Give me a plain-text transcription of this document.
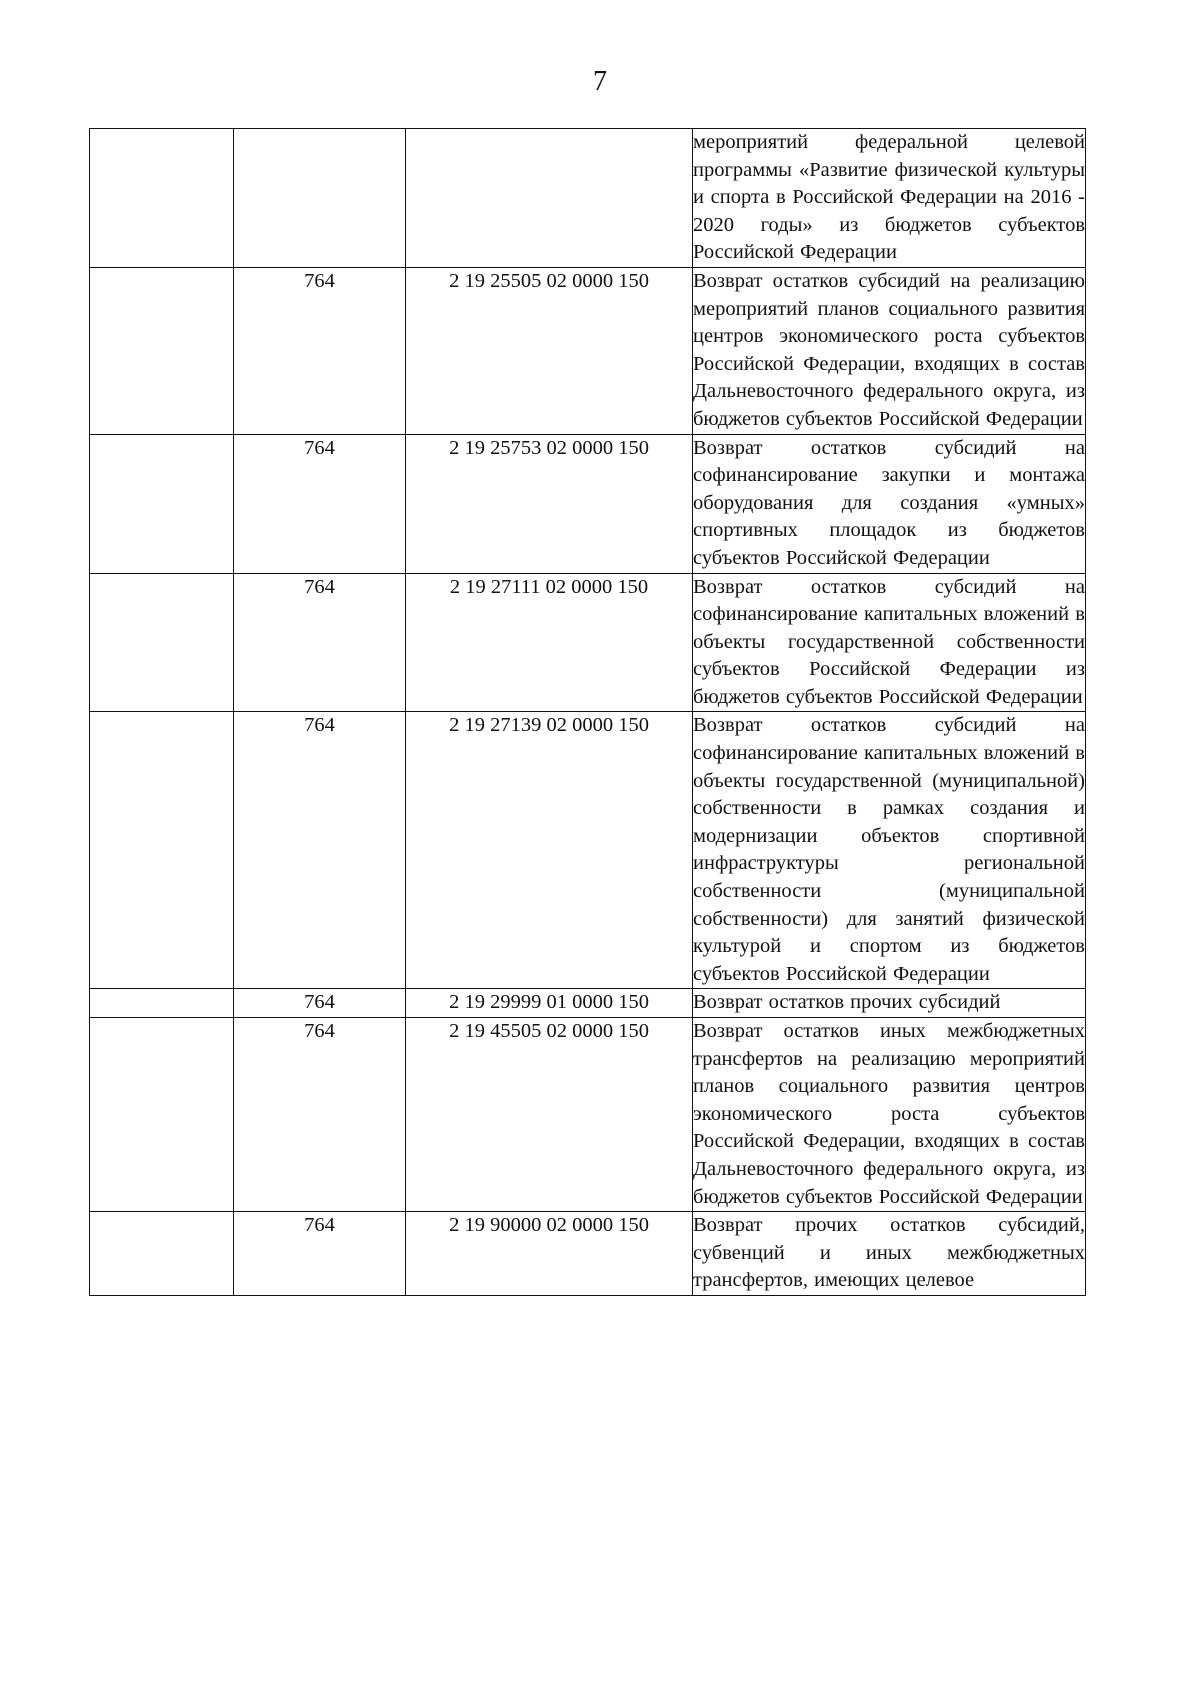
7
			мероприятий федеральной целевой программы «Развитие физической культуры и спорта в Российской Федерации на 2016 - 2020 годы» из бюджетов субъектов Российской Федерации
	764	2 19 25505 02 0000 150	Возврат остатков субсидий на реализацию мероприятий планов социального развития центров экономического роста субъектов Российской Федерации, входящих в состав Дальневосточного федерального округа, из бюджетов субъектов Российской Федерации
	764	2 19 25753 02 0000 150	Возврат остатков субсидий на софинансирование закупки и монтажа оборудования для создания «умных» спортивных площадок из бюджетов субъектов Российской Федерации
	764	2 19 27111 02 0000 150	Возврат остатков субсидий на софинансирование капитальных вложений в объекты государственной собственности субъектов Российской Федерации из бюджетов субъектов Российской Федерации
	764	2 19 27139 02 0000 150	Возврат остатков субсидий на софинансирование капитальных вложений в объекты государственной (муниципальной) собственности в рамках создания и модернизации объектов спортивной инфраструктуры региональной собственности (муниципальной собственности) для занятий физической культурой и спортом из бюджетов субъектов Российской Федерации
	764	2 19 29999 01 0000 150	Возврат остатков прочих субсидий
	764	2 19 45505 02 0000 150	Возврат остатков иных межбюджетных трансфертов на реализацию мероприятий планов социального развития центров экономического роста субъектов Российской Федерации, входящих в состав Дальневосточного федерального округа, из бюджетов субъектов Российской Федерации
	764	2 19 90000 02 0000 150	Возврат прочих остатков субсидий, субвенций и иных межбюджетных трансфертов, имеющих целевое
